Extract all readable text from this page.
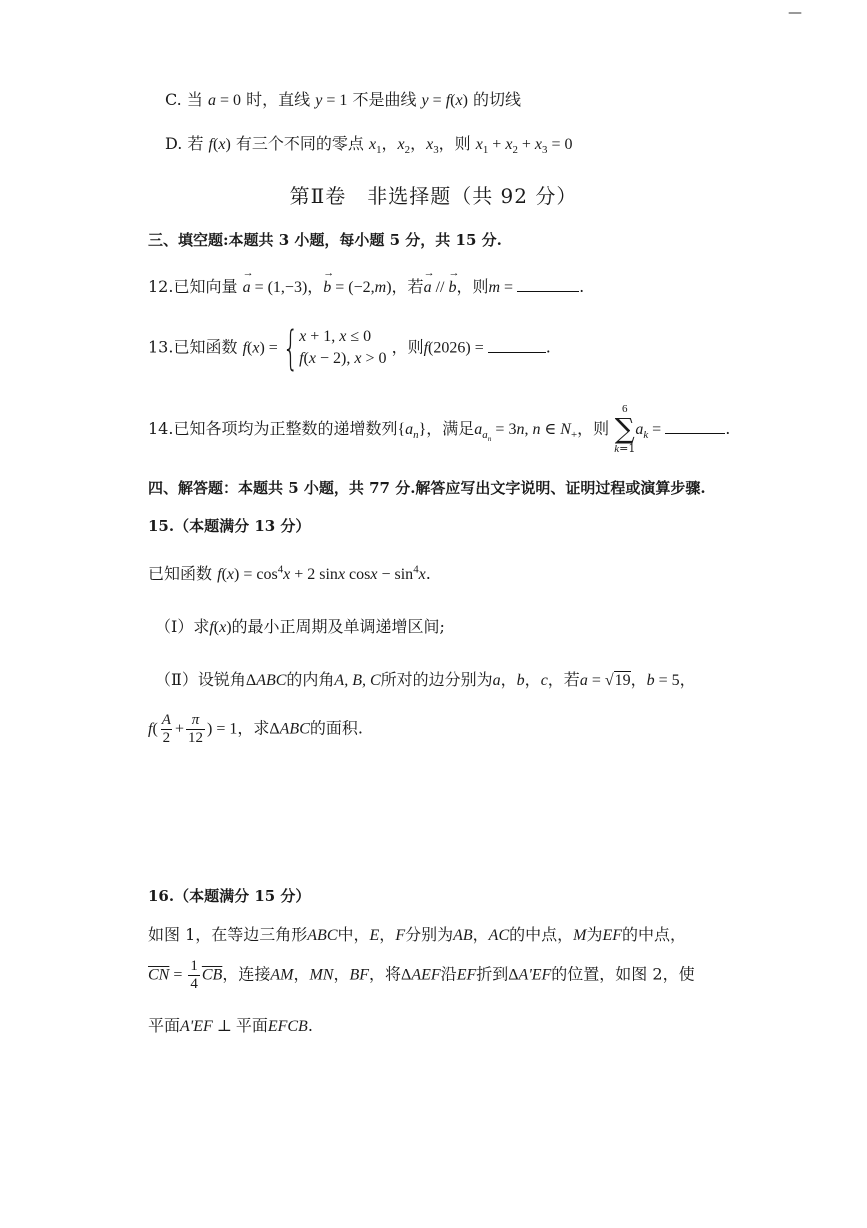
—
C. 当 a = 0 时，直线 y = 1 不是曲线 y = f(x) 的切线
D. 若 f(x) 有三个不同的零点 $x_1$，$x_2$，$x_3$，则 $x_1 + x_2 + x_3 = 0$
第Ⅱ卷　非选择题（共 92 分）
三、填空题:本题共 3 小题，每小题 5 分，共 15 分.
12.已知向量 → a = (1,−3)，→ b = (−2,m)，若→ a // → b，则m =	.
13.已知函数 f(x) = { x + 1, x ≤ 0
f(x − 2), x > 0
，则f(2026) =	.
14.已知各项均为正整数的递增数列$\{a_n\}$，满足$a_{a_n} = 3n$, n ∈ $N_+$，则
6
∑
k=1
$a_k$ =	.
四、解答题：本题共 5 小题，共 77 分.解答应写出文字说明、证明过程或演算步骤.
15.（本题满分 13 分）
已知函数 $f(x) = \cos^4x + 2$ sinx $\cos x - \sin^4x$.
（Ⅰ）求f(x)的最小正周期及单调递增区间;
（Ⅱ）设锐角ΔABC的内角A, B, C所对的边分别为a，b，c，若a = √19，b = 5，
$f( \frac{A}{2} + \frac{\pi}{12}$ ) = 1，求ΔABC的面积.
16.（本题满分 15 分）
如图 1，在等边三角形ABC中，E，F分别为AB，AC的中点，M为EF的中点，
$\overline{CN} = \frac{1}{4} \overline{CB}$，连接AM，MN，BF，将ΔAEF沿EF折到ΔA'EF的位置，如图 2，使
平面A'EF ⊥ 平面EFCB.
